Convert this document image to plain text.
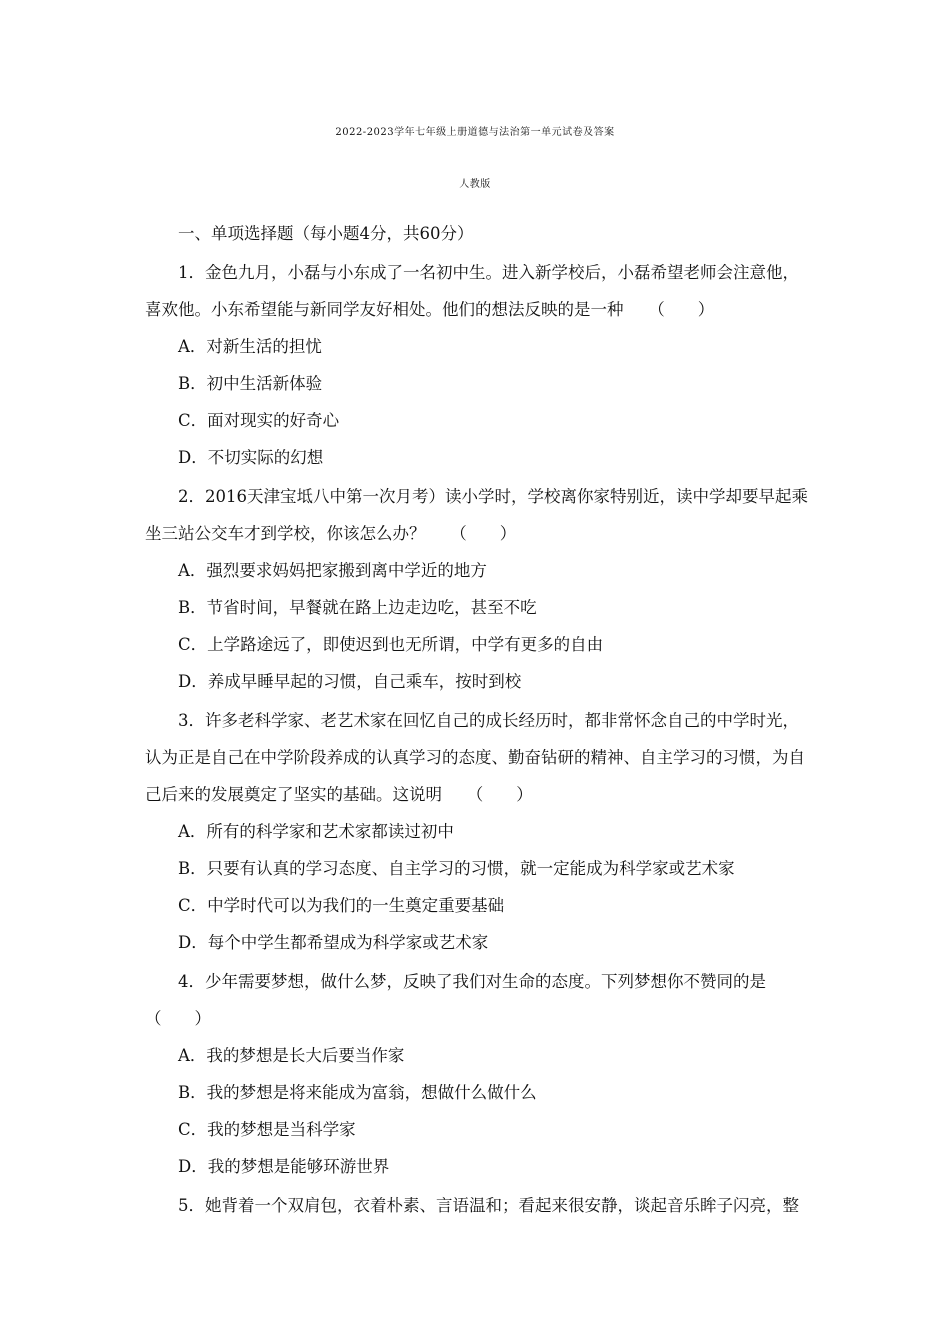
2022-2023学年七年级上册道德与法治第一单元试卷及答案
人教版
一、单项选择题（每小题4分，共60分）
1．金色九月，小磊与小东成了一名初中生。进入新学校后，小磊希望老师会注意他，
喜欢他。小东希望能与新同学友好相处。他们的想法反映的是一种　　（　　）
A．对新生活的担忧
B．初中生活新体验
C．面对现实的好奇心
D．不切实际的幻想
2．2016天津宝坻八中第一次月考）读小学时，学校离你家特别近，读中学却要早起乘
坐三站公交车才到学校，你该怎么办？　　（　　）
A．强烈要求妈妈把家搬到离中学近的地方
B．节省时间，早餐就在路上边走边吃，甚至不吃
C．上学路途远了，即使迟到也无所谓，中学有更多的自由
D．养成早睡早起的习惯，自己乘车，按时到校
3．许多老科学家、老艺术家在回忆自己的成长经历时，都非常怀念自己的中学时光，
认为正是自己在中学阶段养成的认真学习的态度、勤奋钻研的精神、自主学习的习惯，为自
己后来的发展奠定了坚实的基础。这说明　　（　　）
A．所有的科学家和艺术家都读过初中
B．只要有认真的学习态度、自主学习的习惯，就一定能成为科学家或艺术家
C．中学时代可以为我们的一生奠定重要基础
D．每个中学生都希望成为科学家或艺术家
4．少年需要梦想，做什么梦，反映了我们对生命的态度。下列梦想你不赞同的是
（　　）
A．我的梦想是长大后要当作家
B．我的梦想是将来能成为富翁，想做什么做什么
C．我的梦想是当科学家
D．我的梦想是能够环游世界
5．她背着一个双肩包，衣着朴素、言语温和；看起来很安静，谈起音乐眸子闪亮，整
